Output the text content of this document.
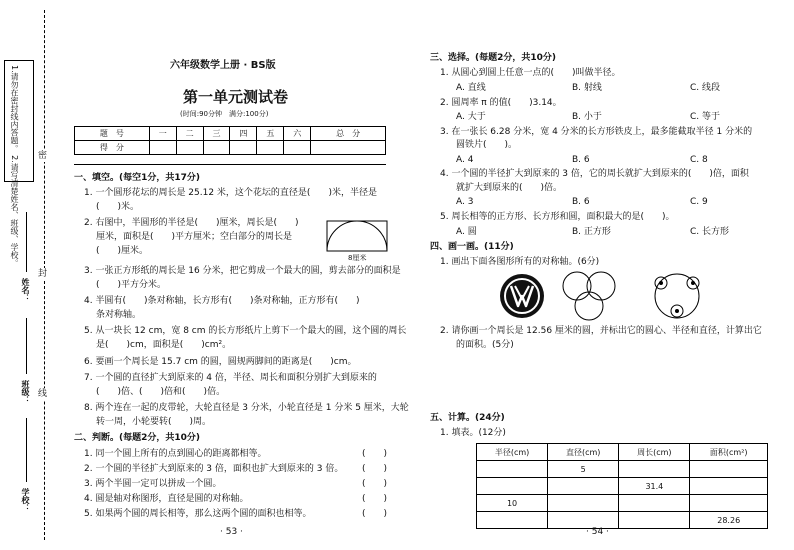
1.请勿在密封线内答题。 2.请写清楚姓名、班级、学校。 密
封
线
姓名：
班级：
学校：
六年级数学上册 · BS版
第一单元测试卷
(时间:90分钟　满分:100分)
题　号	一	二	三	四	五	六	总　分
得　分							
一、填空。(每空1分，共17分)
1. 一个圆形花坛的周长是 25.12 米，这个花坛的直径是(　　)米，半径是
(　　)米。
2. 右图中，半圆形的半径是(　　)厘米，周长是(　　)
厘米，面积是(　　)平方厘米；空白部分的周长是
(　　)厘米。
8厘米
3. 一张正方形纸的周长是 16 分米，把它剪成一个最大的圆，剪去部分的面积是
(　　)平方分米。
4. 半圆有(　　)条对称轴，长方形有(　　)条对称轴，正方形有(　　)
条对称轴。
5. 从一块长 12 cm，宽 8 cm 的长方形纸片上剪下一个最大的圆，这个圆的周长
是(　　)cm，面积是(　　)cm²。
6. 要画一个周长是 15.7 cm 的圆，圆规两脚间的距离是(　　)cm。
7. 一个圆的直径扩大到原来的 4 倍，半径、周长和面积分别扩大到原来的
(　　)倍、(　　)倍和(　　)倍。
8. 两个连在一起的皮带轮，大轮直径是 3 分米，小轮直径是 1 分米 5 厘米，大轮
转一周，小轮要转(　　)周。
二、判断。(每题2分，共10分)
1. 同一个圆上所有的点到圆心的距离都相等。	(　　)
2. 一个圆的半径扩大到原来的 3 倍，面积也扩大到原来的 3 倍。 (　　)
3. 两个半圆一定可以拼成一个圆。	(　　)
4. 圆是轴对称图形，直径是圆的对称轴。	(　　)
5. 如果两个圆的周长相等，那么这两个圆的面积也相等。	(　　)
· 53 ·
三、选择。(每题2分，共10分)
1. 从圆心到圆上任意一点的(　　)叫做半径。
A. 直线	B. 射线	C. 线段
2. 圆周率 π 的值(　　)3.14。
A. 大于	B. 小于	C. 等于
3. 在一张长 6.28 分米，宽 4 分米的长方形铁皮上，最多能截取半径 1 分米的
圆铁片(　　)。
A. 4	B. 6	C. 8
4. 一个圆的半径扩大到原来的 3 倍，它的周长就扩大到原来的(　　)倍，面积
就扩大到原来的(　　)倍。
A. 3	B. 6	C. 9
5. 周长相等的正方形、长方形和圆，面积最大的是(　　)。
A. 圆	B. 正方形	C. 长方形
四、画一画。(11分)
1. 画出下面各图形所有的对称轴。(6分)
2. 请你画一个周长是 12.56 厘米的圆，并标出它的圆心、半径和直径，计算出它
的面积。(5分)
五、计算。(24分)
1. 填表。(12分)
半径(cm)	直径(cm)	周长(cm)	面积(cm²)
	5		
		31.4	
10			
			28.26
· 54 ·
